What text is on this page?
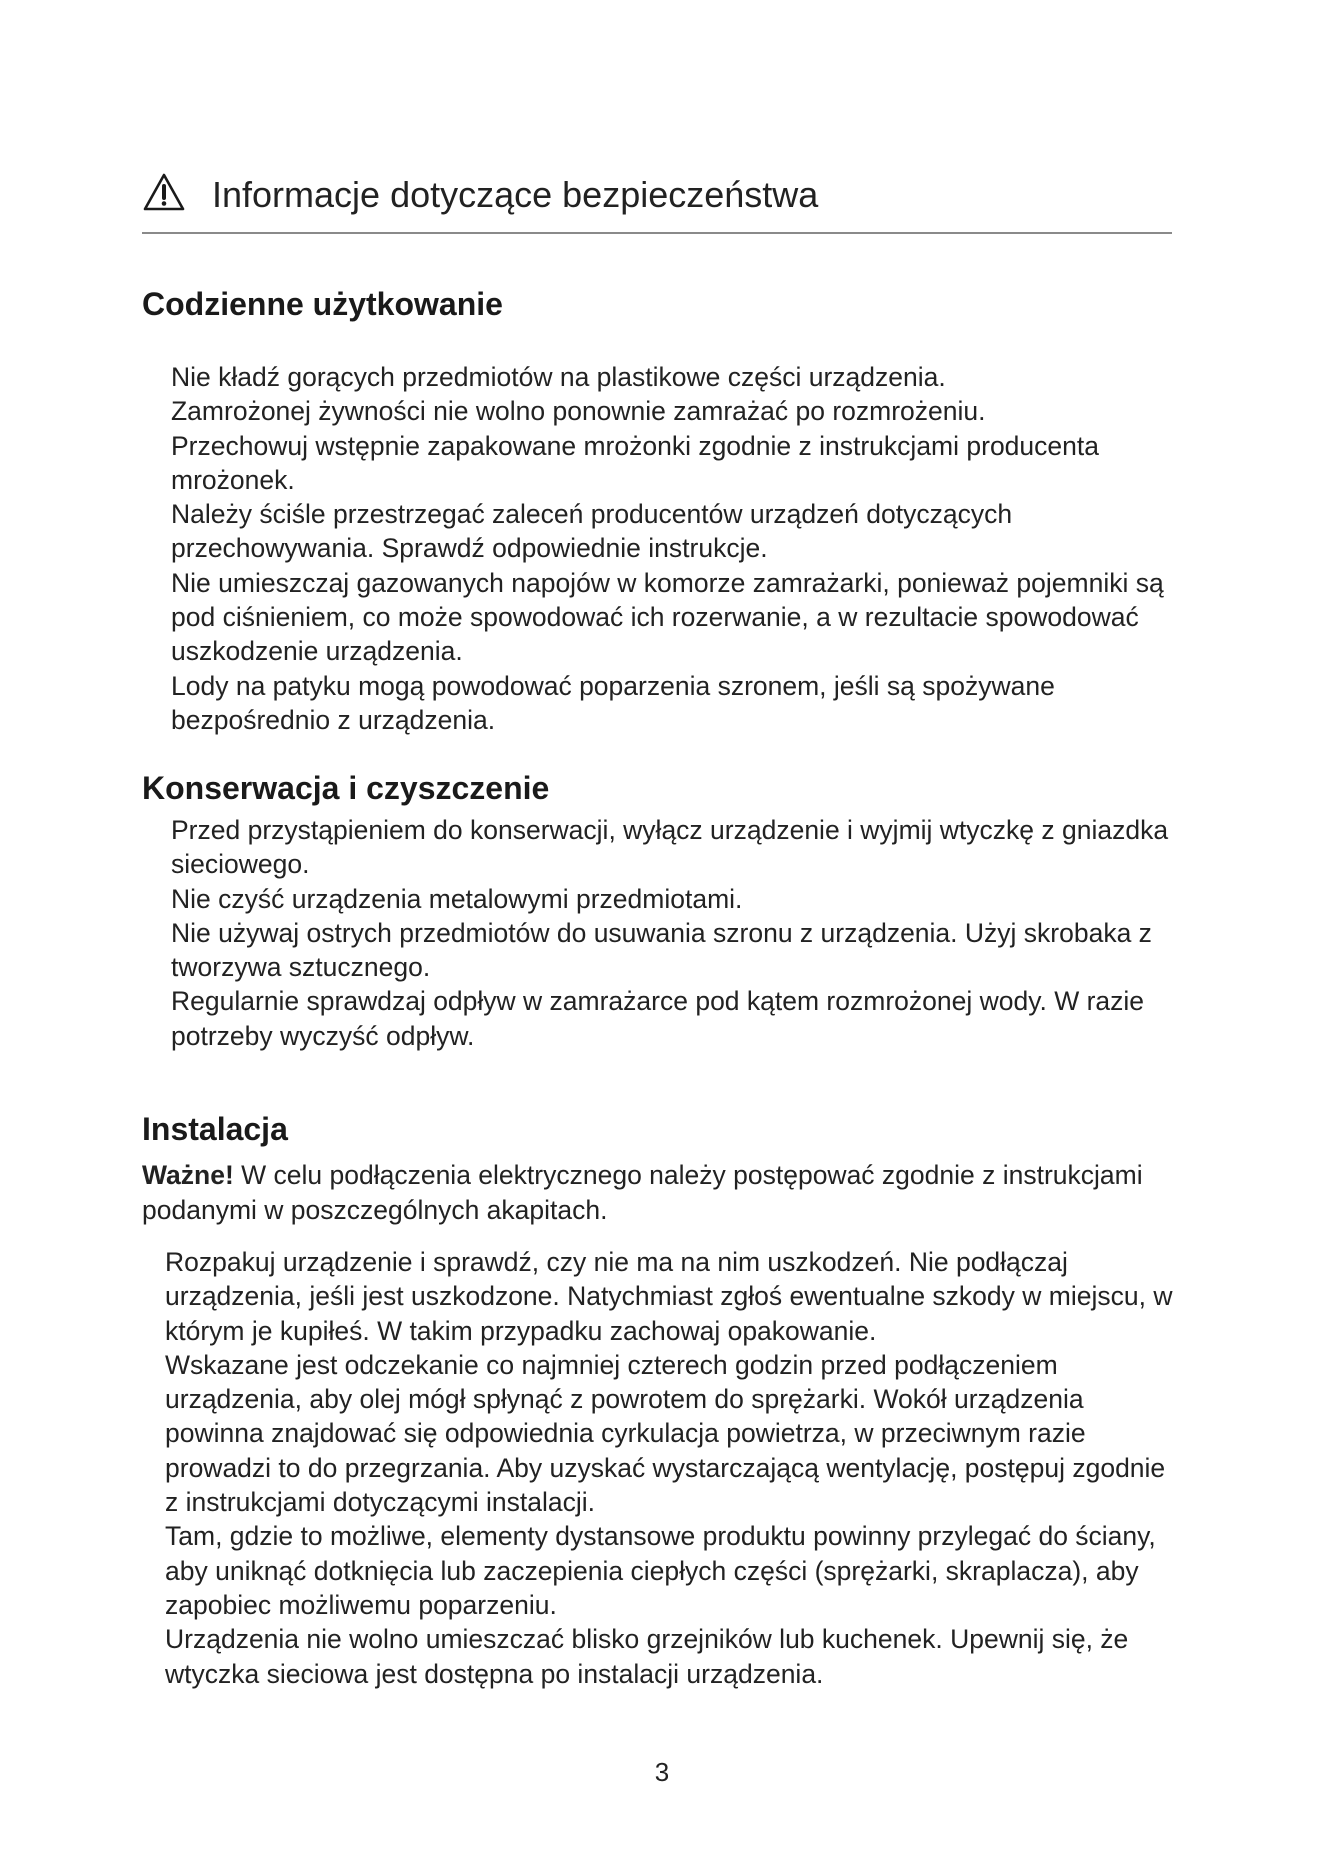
Informacje dotyczące bezpieczeństwa
Codzienne użytkowanie
Nie kładź gorących przedmiotów na plastikowe części urządzenia.
Zamrożonej żywności nie wolno ponownie zamrażać po rozmrożeniu.
Przechowuj wstępnie zapakowane mrożonki zgodnie z instrukcjami producenta mrożonek.
Należy ściśle przestrzegać zaleceń producentów urządzeń dotyczących przechowywania. Sprawdź odpowiednie instrukcje.
Nie umieszczaj gazowanych napojów w komorze zamrażarki, ponieważ pojemniki są pod ciśnieniem, co może spowodować ich rozerwanie, a w rezultacie spowodować uszkodzenie urządzenia.
Lody na patyku mogą powodować poparzenia szronem, jeśli są spożywane bezpośrednio z urządzenia.
Konserwacja i czyszczenie
Przed przystąpieniem do konserwacji, wyłącz urządzenie i wyjmij wtyczkę z gniazdka sieciowego.
Nie czyść urządzenia metalowymi przedmiotami.
Nie używaj ostrych przedmiotów do usuwania szronu z urządzenia. Użyj skrobaka z tworzywa sztucznego.
Regularnie sprawdzaj odpływ w zamrażarce pod kątem rozmrożonej wody. W razie potrzeby wyczyść odpływ.
Instalacja

Ważne! W celu podłączenia elektrycznego należy postępować zgodnie z instrukcjami podanymi w poszczególnych akapitach.

Rozpakuj urządzenie i sprawdź, czy nie ma na nim uszkodzeń. Nie podłączaj urządzenia, jeśli jest uszkodzone. Natychmiast zgłoś ewentualne szkody w miejscu, w którym je kupiłeś. W takim przypadku zachowaj opakowanie.
Wskazane jest odczekanie co najmniej czterech godzin przed podłączeniem urządzenia, aby olej mógł spłynąć z powrotem do sprężarki. Wokół urządzenia powinna znajdować się odpowiednia cyrkulacja powietrza, w przeciwnym razie prowadzi to do przegrzania. Aby uzyskać wystarczającą wentylację, postępuj zgodnie z instrukcjami dotyczącymi instalacji.
Tam, gdzie to możliwe, elementy dystansowe produktu powinny przylegać do ściany, aby uniknąć dotknięcia lub zaczepienia ciepłych części (sprężarki, skraplacza), aby zapobiec możliwemu poparzeniu.
Urządzenia nie wolno umieszczać blisko grzejników lub kuchenek. Upewnij się, że wtyczka sieciowa jest dostępna po instalacji urządzenia.
3
